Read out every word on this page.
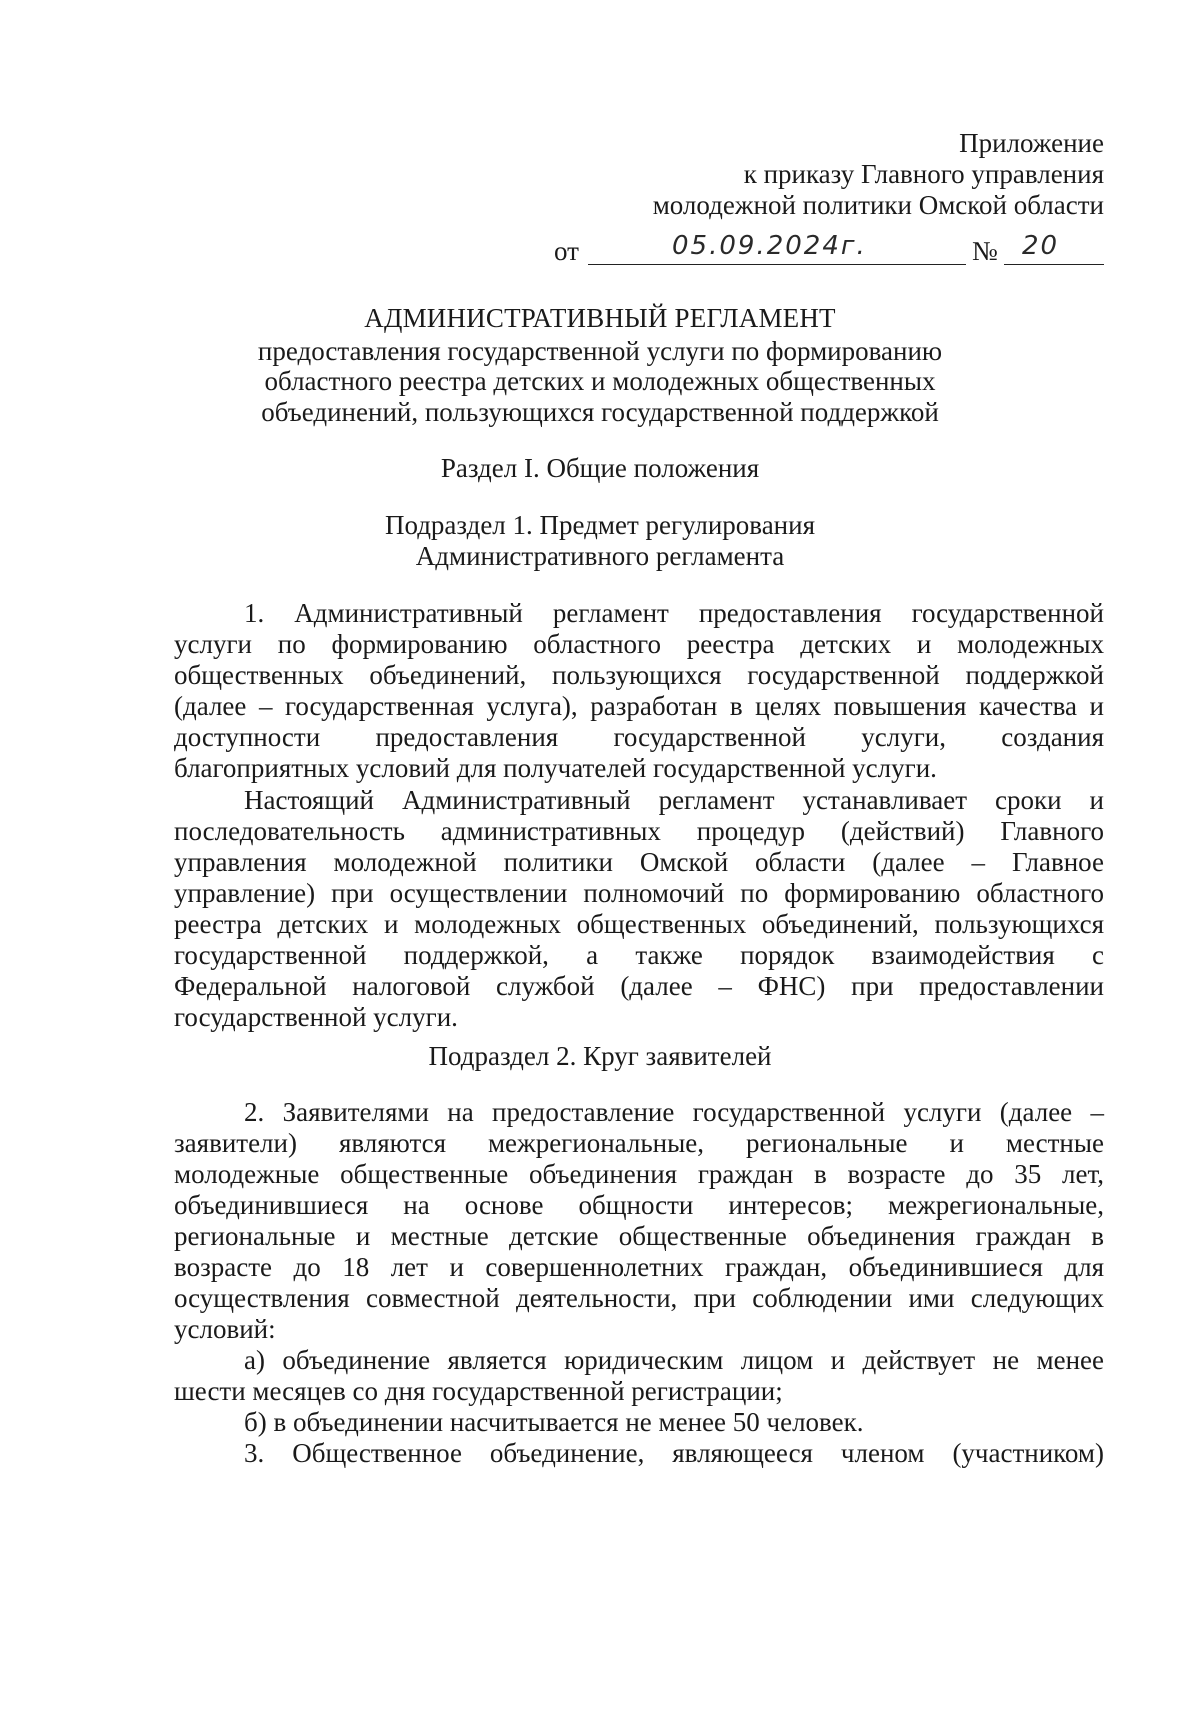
Приложение
к приказу Главного управления
молодежной политики Омской области
от	05.09.2024г.	№ 20
АДМИНИСТРАТИВНЫЙ РЕГЛАМЕНТ
предоставления государственной услуги по формированию
областного реестра детских и молодежных общественных
объединений, пользующихся государственной поддержкой
Раздел I. Общие положения
Подраздел 1. Предмет регулирования
Административного регламента
1. Административный регламент предоставления государственной
услуги по формированию областного реестра детских и молодежных
общественных объединений, пользующихся государственной поддержкой
(далее – государственная услуга), разработан в целях повышения качества и
доступности предоставления государственной услуги, создания
благоприятных условий для получателей государственной услуги.
Настоящий Административный регламент устанавливает сроки и
последовательность административных процедур (действий) Главного
управления молодежной политики Омской области (далее – Главное
управление) при осуществлении полномочий по формированию областного
реестра детских и молодежных общественных объединений, пользующихся
государственной поддержкой, а также порядок взаимодействия с
Федеральной налоговой службой (далее – ФНС) при предоставлении
государственной услуги.
Подраздел 2. Круг заявителей
2. Заявителями на предоставление государственной услуги (далее –
заявители) являются межрегиональные, региональные и местные
молодежные общественные объединения граждан в возрасте до 35 лет,
объединившиеся на основе общности интересов; межрегиональные,
региональные и местные детские общественные объединения граждан в
возрасте до 18 лет и совершеннолетних граждан, объединившиеся для
осуществления совместной деятельности, при соблюдении ими следующих
условий:
а) объединение является юридическим лицом и действует не менее
шести месяцев со дня государственной регистрации;
б) в объединении насчитывается не менее 50 человек.
3. Общественное объединение, являющееся членом (участником)
